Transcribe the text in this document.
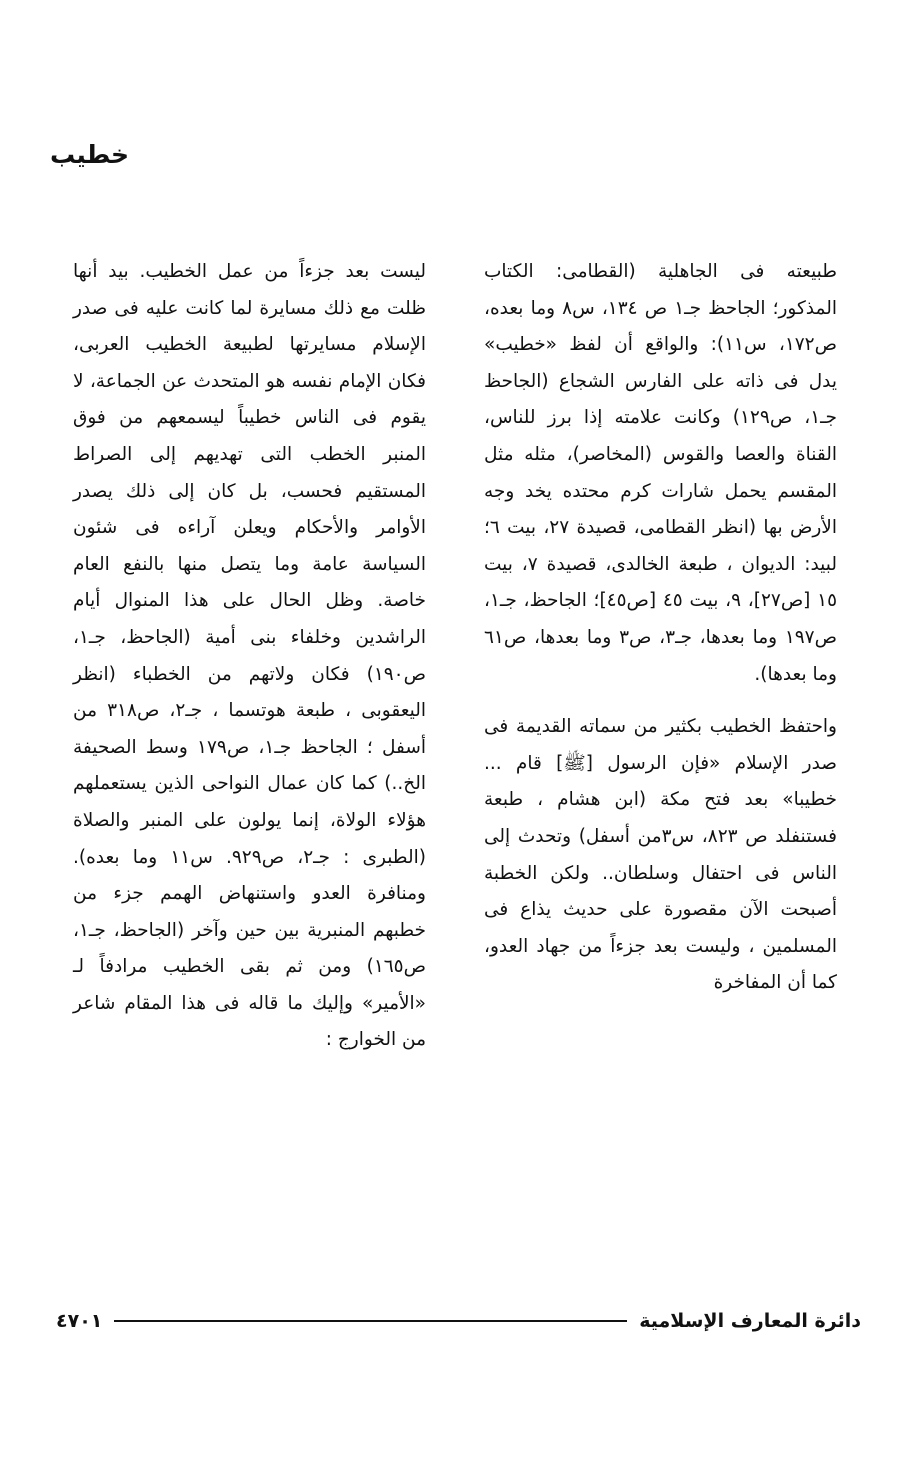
خطيب

طبيعته فى الجاهلية (القطامى: الكتاب المذكور؛ الجاحظ جـ١ ص ١٣٤، س٨ وما بعده، ص١٧٢، س١١): والواقع أن لفظ «خطيب» يدل فى ذاته على الفارس الشجاع (الجاحظ جـ١، ص١٢٩) وكانت علامته إذا برز للناس، القناة والعصا والقوس (المخاصر)، مثله مثل المقسم يحمل شارات كرم محتده يخد وجه الأرض بها (انظر القطامى، قصيدة ٢٧، بيت ٦؛ لبيد: الديوان ، طبعة الخالدى، قصيدة ٧، بيت ١٥ [ص٢٧]، ٩، بيت ٤٥ [ص٤٥]؛ الجاحظ، جـ١، ص١٩٧ وما بعدها، جـ٣، ص٣ وما بعدها، ص٦١ وما بعدها).

واحتفظ الخطيب بكثير من سماته القديمة فى صدر الإسلام «فإن الرسول [ﷺ] قام ... خطيبا» بعد فتح مكة (ابن هشام ، طبعة فستنفلد ص ٨٢٣، س٣من أسفل) وتحدث إلى الناس فى احتفال وسلطان.. ولكن الخطبة أصبحت الآن مقصورة على حديث يذاع فى المسلمين ، وليست بعد جزءاً من جهاد العدو، كما أن المفاخرة

ليست بعد جزءاً من عمل الخطيب. بيد أنها ظلت مع ذلك مسايرة لما كانت عليه فى صدر الإسلام مسايرتها لطبيعة الخطيب العربى، فكان الإمام نفسه هو المتحدث عن الجماعة، لا يقوم فى الناس خطيباً ليسمعهم من فوق المنبر الخطب التى تهديهم إلى الصراط المستقيم فحسب، بل كان إلى ذلك يصدر الأوامر والأحكام ويعلن آراءه فى شئون السياسة عامة وما يتصل منها بالنفع العام خاصة. وظل الحال على هذا المنوال أيام الراشدين وخلفاء بنى أمية (الجاحظ، جـ١، ص١٩٠) فكان ولاتهم من الخطباء (انظر اليعقوبى ، طبعة هوتسما ، جـ٢، ص٣١٨ من أسفل ؛ الجاحظ جـ١، ص١٧٩ وسط الصحيفة الخ..) كما كان عمال النواحى الذين يستعملهم هؤلاء الولاة، إنما يولون على المنبر والصلاة (الطبرى : جـ٢، ص٩٢٩. س١١ وما بعده). ومنافرة العدو واستنهاض الهمم جزء من خطبهم المنبرية بين حين وآخر (الجاحظ، جـ١، ص١٦٥) ومن ثم بقى الخطيب مرادفاً لـ «الأمير» وإليك ما قاله فى هذا المقام شاعر من الخوارج :

دائرة المعارف الإسلامية
٤٧٠١
